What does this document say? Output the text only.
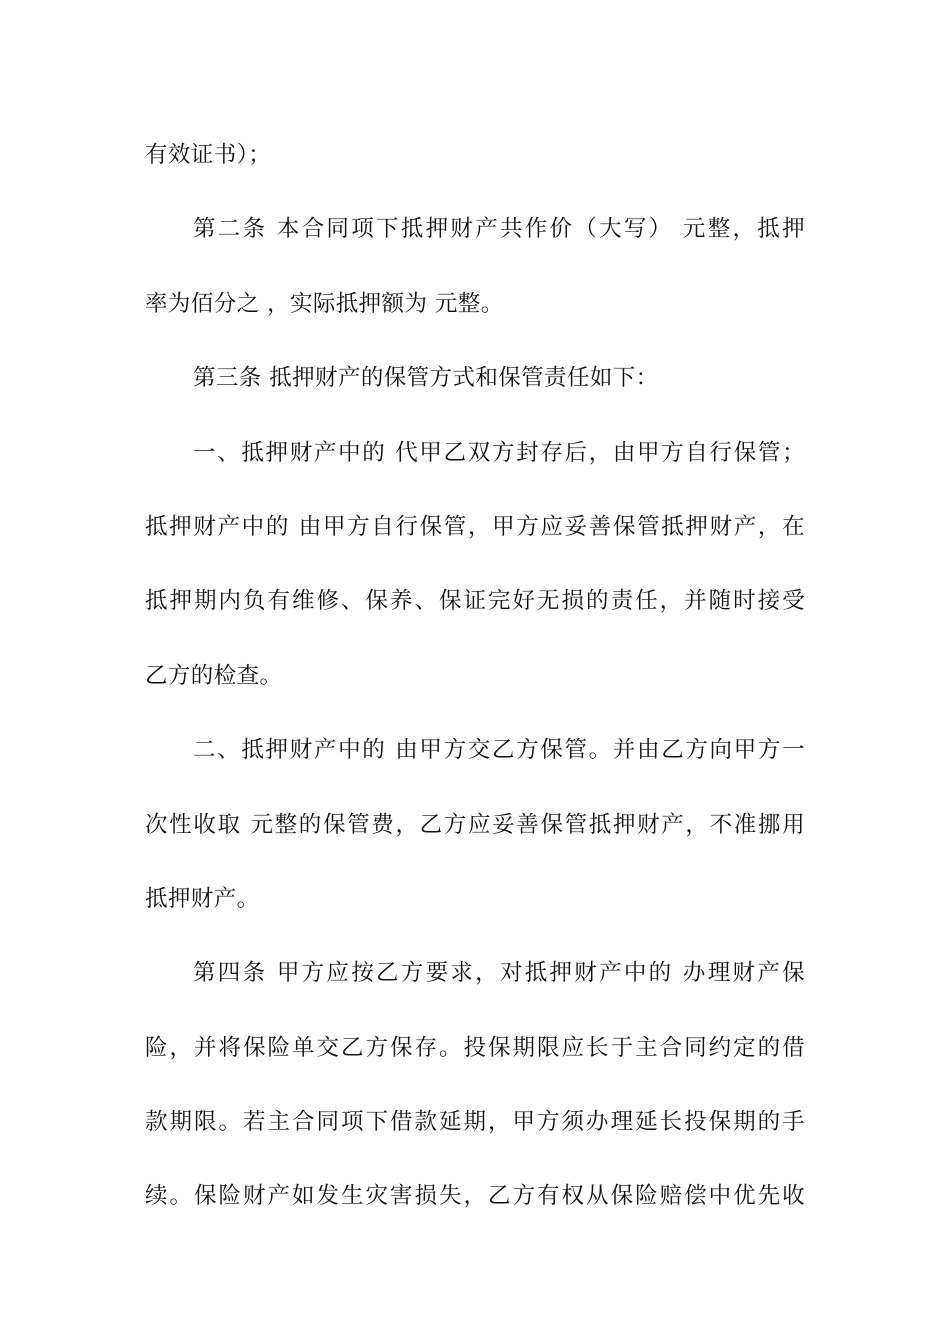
有效证书）；
第二条 本合同项下抵押财产共作价（大写） 元整，抵押
率为佰分之 ，实际抵押额为 元整。
第三条 抵押财产的保管方式和保管责任如下：
一、抵押财产中的 代甲乙双方封存后，由甲方自行保管；
抵押财产中的 由甲方自行保管，甲方应妥善保管抵押财产，在
抵押期内负有维修、保养、保证完好无损的责任，并随时接受
乙方的检查。
二、抵押财产中的 由甲方交乙方保管。并由乙方向甲方一
次性收取 元整的保管费，乙方应妥善保管抵押财产，不准挪用
抵押财产。
第四条 甲方应按乙方要求，对抵押财产中的 办理财产保
险，并将保险单交乙方保存。投保期限应长于主合同约定的借
款期限。若主合同项下借款延期，甲方须办理延长投保期的手
续。保险财产如发生灾害损失，乙方有权从保险赔偿中优先收
